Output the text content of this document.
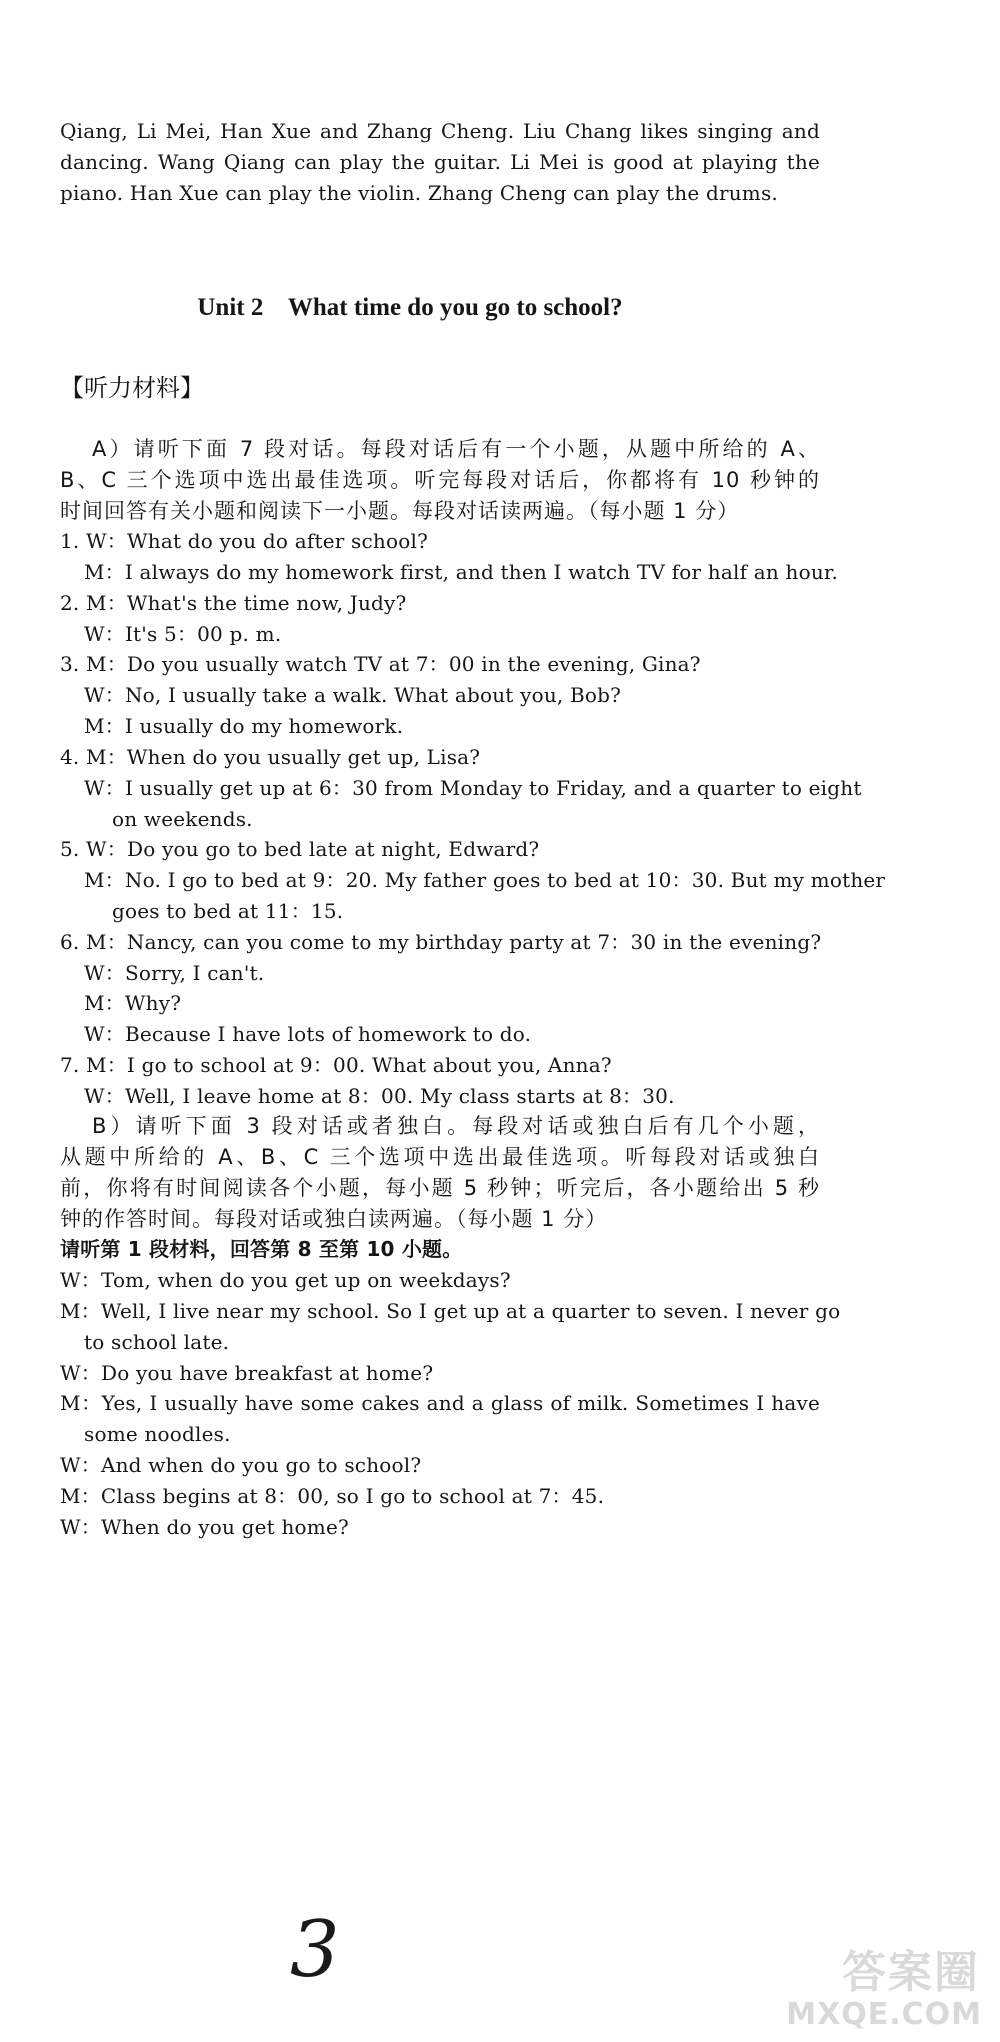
Qiang, Li Mei, Han Xue and Zhang Cheng. Liu Chang likes singing and
dancing. Wang Qiang can play the guitar. Li Mei is good at playing the
piano. Han Xue can play the violin. Zhang Cheng can play the drums.
Unit 2    What time do you go to school?
【听力材料】
A）请听下面 7 段对话。每段对话后有一个小题，从题中所给的 A、
B、C 三个选项中选出最佳选项。听完每段对话后，你都将有 10 秒钟的
时间回答有关小题和阅读下一小题。每段对话读两遍。（每小题 1 分）
1. W：What do you do after school?
M：I always do my homework first, and then I watch TV for half an hour.
2. M：What's the time now, Judy?
W：It's 5：00 p. m.
3. M：Do you usually watch TV at 7：00 in the evening, Gina?
W：No, I usually take a walk. What about you, Bob?
M：I usually do my homework.
4. M：When do you usually get up, Lisa?
W：I usually get up at 6：30 from Monday to Friday, and a quarter to eight
on weekends.
5. W：Do you go to bed late at night, Edward?
M：No. I go to bed at 9：20. My father goes to bed at 10：30. But my mother
goes to bed at 11：15.
6. M：Nancy, can you come to my birthday party at 7：30 in the evening?
W：Sorry, I can't.
M：Why?
W：Because I have lots of homework to do.
7. M：I go to school at 9：00. What about you, Anna?
W：Well, I leave home at 8：00. My class starts at 8：30.
B）请听下面 3 段对话或者独白。每段对话或独白后有几个小题，
从题中所给的 A、B、C 三个选项中选出最佳选项。听每段对话或独白
前，你将有时间阅读各个小题，每小题 5 秒钟；听完后，各小题给出 5 秒
钟的作答时间。每段对话或独白读两遍。（每小题 1 分）
请听第 1 段材料，回答第 8 至第 10 小题。
W：Tom, when do you get up on weekdays?
M：Well, I live near my school. So I get up at a quarter to seven. I never go
to school late.
W：Do you have breakfast at home?
M：Yes, I usually have some cakes and a glass of milk. Sometimes I have
some noodles.
W：And when do you go to school?
M：Class begins at 8：00, so I go to school at 7：45.
W：When do you get home?
3	答案圈
MXQE.COM
